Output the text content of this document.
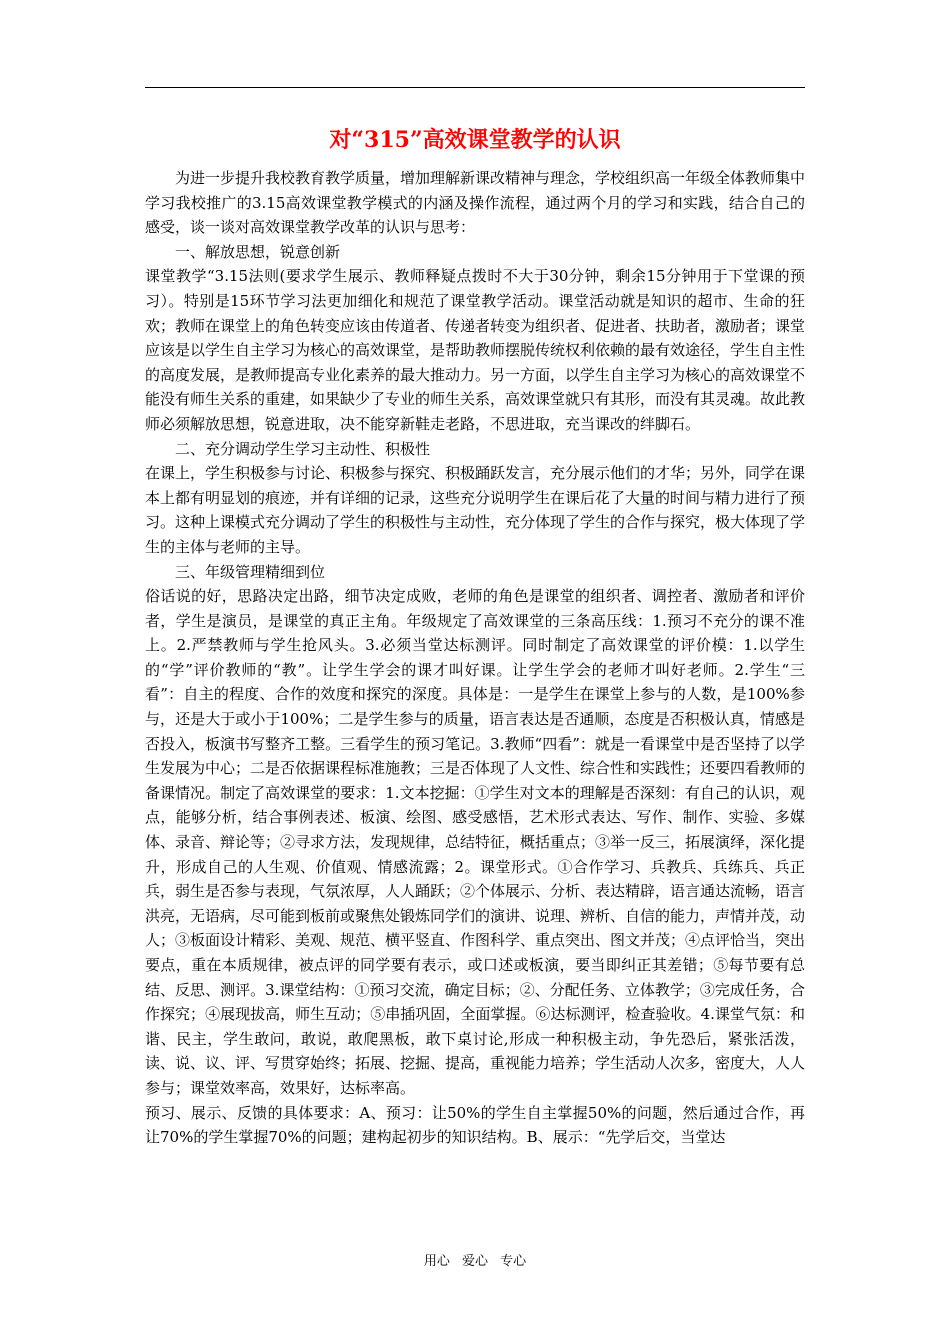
对“315”高效课堂教学的认识

为进一步提升我校教育教学质量，增加理解新课改精神与理念，学校组织高一年级全体教师集中学习我校推广的3.15高效课堂教学模式的内涵及操作流程，通过两个月的学习和实践，结合自己的感受，谈一谈对高效课堂教学改革的认识与思考：

一、解放思想，锐意创新

课堂教学“3.15法则(要求学生展示、教师释疑点拨时不大于30分钟，剩余15分钟用于下堂课的预习）。特别是15环节学习法更加细化和规范了课堂教学活动。课堂活动就是知识的超市、生命的狂欢；教师在课堂上的角色转变应该由传道者、传递者转变为组织者、促进者、扶助者，激励者；课堂应该是以学生自主学习为核心的高效课堂，是帮助教师摆脱传统权利依赖的最有效途径，学生自主性的高度发展，是教师提高专业化素养的最大推动力。另一方面，以学生自主学习为核心的高效课堂不能没有师生关系的重建，如果缺少了专业的师生关系，高效课堂就只有其形，而没有其灵魂。故此教师必须解放思想，锐意进取，决不能穿新鞋走老路，不思进取，充当课改的绊脚石。

二、充分调动学生学习主动性、积极性

在课上，学生积极参与讨论、积极参与探究、积极踊跃发言，充分展示他们的才华；另外，同学在课本上都有明显划的痕迹，并有详细的记录，这些充分说明学生在课后花了大量的时间与精力进行了预习。这种上课模式充分调动了学生的积极性与主动性，充分体现了学生的合作与探究，极大体现了学生的主体与老师的主导。

三、年级管理精细到位

俗话说的好，思路决定出路，细节决定成败，老师的角色是课堂的组织者、调控者、激励者和评价者，学生是演员，是课堂的真正主角。年级规定了高效课堂的三条高压线：1.预习不充分的课不准上。2.严禁教师与学生抢风头。3.必须当堂达标测评。同时制定了高效课堂的评价模：1.以学生的“学”评价教师的“教”。让学生学会的课才叫好课。让学生学会的老师才叫好老师。2.学生“三看”：自主的程度、合作的效度和探究的深度。具体是：一是学生在课堂上参与的人数，是100%参与，还是大于或小于100%；二是学生参与的质量，语言表达是否通顺，态度是否积极认真，情感是否投入，板演书写整齐工整。三看学生的预习笔记。3.教师“四看”：就是一看课堂中是否坚持了以学生发展为中心；二是否依据课程标准施教；三是否体现了人文性、综合性和实践性；还要四看教师的备课情况。制定了高效课堂的要求：1.文本挖掘：①学生对文本的理解是否深刻：有自己的认识，观点，能够分析，结合事例表述、板演、绘图、感受感悟，艺术形式表达、写作、制作、实验、多媒体、录音、辩论等；②寻求方法，发现规律，总结特征，概括重点；③举一反三，拓展演绎，深化提升，形成自己的人生观、价值观、情感流露；2。课堂形式。①合作学习、兵教兵、兵练兵、兵正兵，弱生是否参与表现，气氛浓厚，人人踊跃；②个体展示、分析、表达精辟，语言通达流畅，语言洪亮，无语病，尽可能到板前或聚焦处锻炼同学们的演讲、说理、辨析、自信的能力，声情并茂，动人；③板面设计精彩、美观、规范、横平竖直、作图科学、重点突出、图文并茂；④点评恰当，突出要点，重在本质规律，被点评的同学要有表示，或口述或板演，要当即纠正其差错；⑤每节要有总结、反思、测评。3.课堂结构：①预习交流，确定目标；②、分配任务、立体教学；③完成任务，合作探究；④展现拔高，师生互动；⑤串插巩固，全面掌握。⑥达标测评，检查验收。4.课堂气氛：和谐、民主，学生敢问，敢说，敢爬黑板，敢下桌讨论,形成一种积极主动，争先恐后，紧张活泼，读、说、议、评、写贯穿始终；拓展、挖掘、提高，重视能力培养；学生活动人次多，密度大，人人参与；课堂效率高，效果好，达标率高。

预习、展示、反馈的具体要求：A、预习：让50%的学生自主掌握50%的问题，然后通过合作，再让70%的学生掌握70%的问题；建构起初步的知识结构。B、展示：“先学后交，当堂达

用心 爱心 专心
